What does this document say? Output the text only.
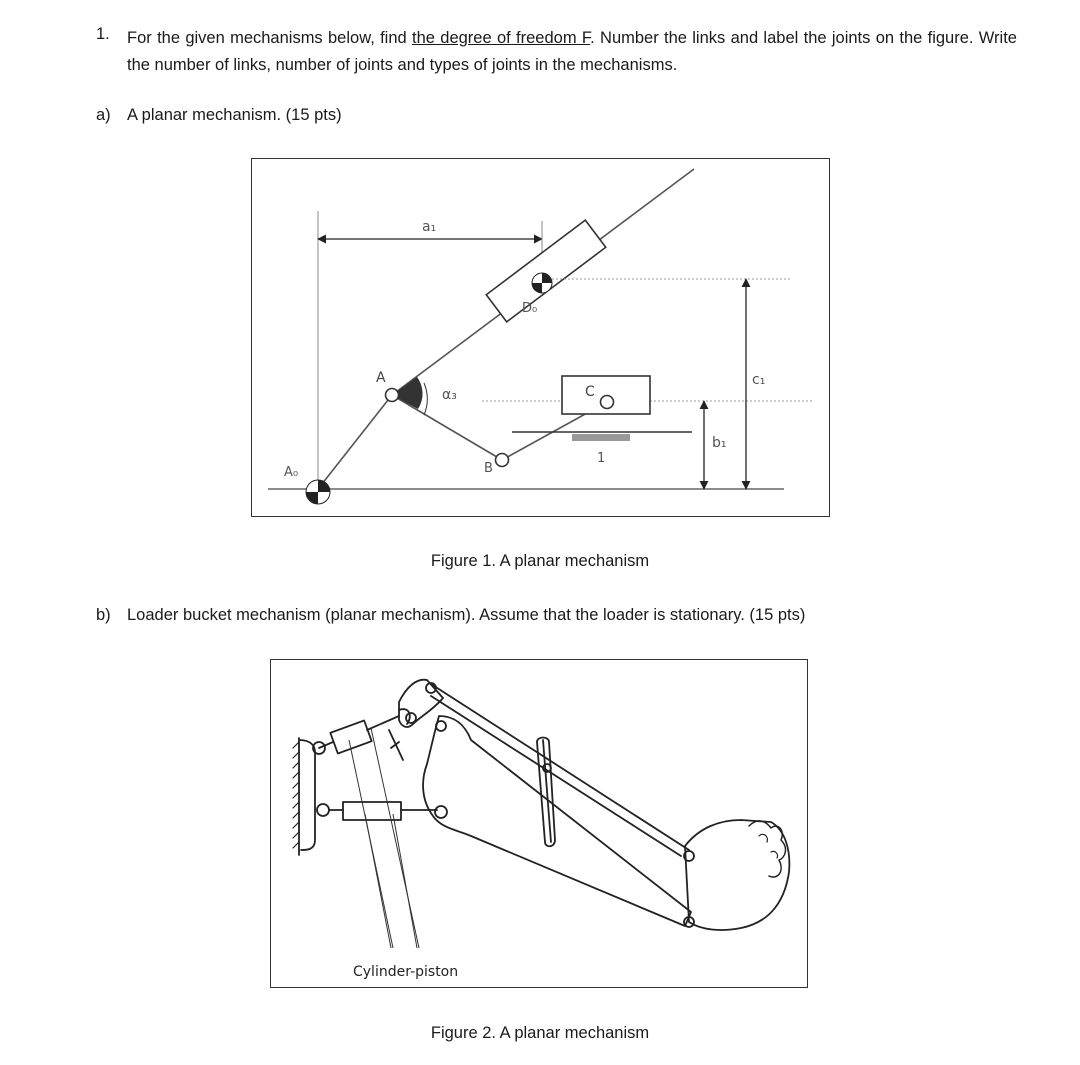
1. For the given mechanisms below, find the degree of freedom F. Number the links and label the joints on the figure. Write the number of links, number of joints and types of joints in the mechanisms.
a) A planar mechanism. (15 pts)
a₁
D₀
α₃
1
C
A
B
A₀
b₁
c₁
Figure 1. A planar mechanism
b) Loader bucket mechanism (planar mechanism). Assume that the loader is stationary. (15 pts)
Cylinder-piston
Figure 2. A planar mechanism
